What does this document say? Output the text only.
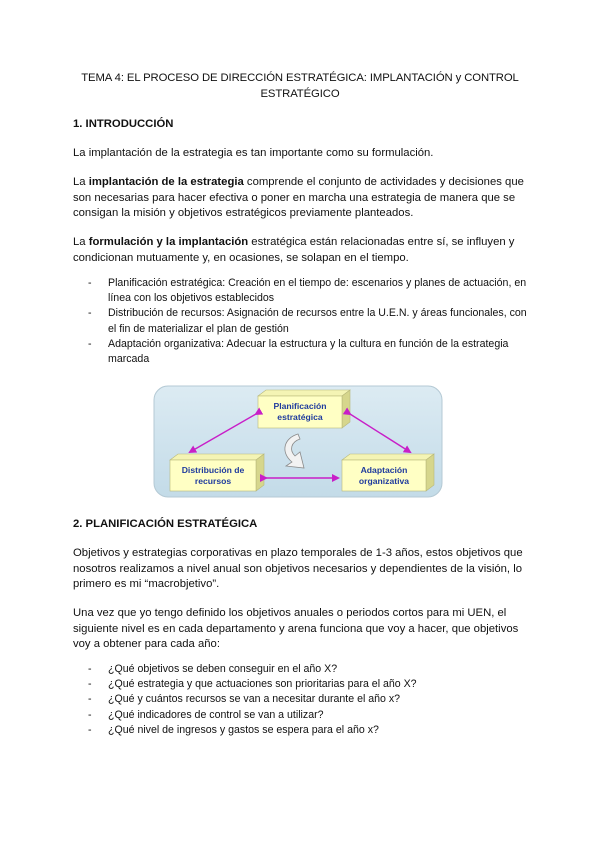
TEMA 4: EL PROCESO DE DIRECCIÓN ESTRATÉGICA: IMPLANTACIÓN y CONTROL ESTRATÉGICO
1. INTRODUCCIÓN
La implantación de la estrategia es tan importante como su formulación.
La implantación de la estrategia comprende el conjunto de actividades y decisiones que son necesarias para hacer efectiva o poner en marcha una estrategia de manera que se consigan la misión y objetivos estratégicos previamente planteados.
La formulación y la implantación estratégica están relacionadas entre sí, se influyen y condicionan mutuamente y, en ocasiones, se solapan en el tiempo.
- Planificación estratégica: Creación en el tiempo de: escenarios y planes de actuación, en línea con los objetivos establecidos
- Distribución de recursos: Asignación de recursos entre la U.E.N. y áreas funcionales, con el fin de materializar el plan de gestión
- Adaptación organizativa: Adecuar la estructura y la cultura en función de la estrategia marcada
Planificación
estratégica
Distribución de
recursos
Adaptación
organizativa
2. PLANIFICACIÓN ESTRATÉGICA
Objetivos y estrategias corporativas en plazo temporales de 1-3 años, estos objetivos que nosotros realizamos a nivel anual son objetivos necesarios y dependientes de la visión, lo primero es mi “macrobjetivo”.
Una vez que yo tengo definido los objetivos anuales o periodos cortos para mi UEN, el siguiente nivel es en cada departamento y arena funciona que voy a hacer, que objetivos voy a obtener para cada año:
- ¿Qué objetivos se deben conseguir en el año X?
- ¿Qué estrategia y que actuaciones son prioritarias para el año X?
- ¿Qué y cuántos recursos se van a necesitar durante el año x?
- ¿Qué indicadores de control se van a utilizar?
- ¿Qué nivel de ingresos y gastos se espera para el año x?
